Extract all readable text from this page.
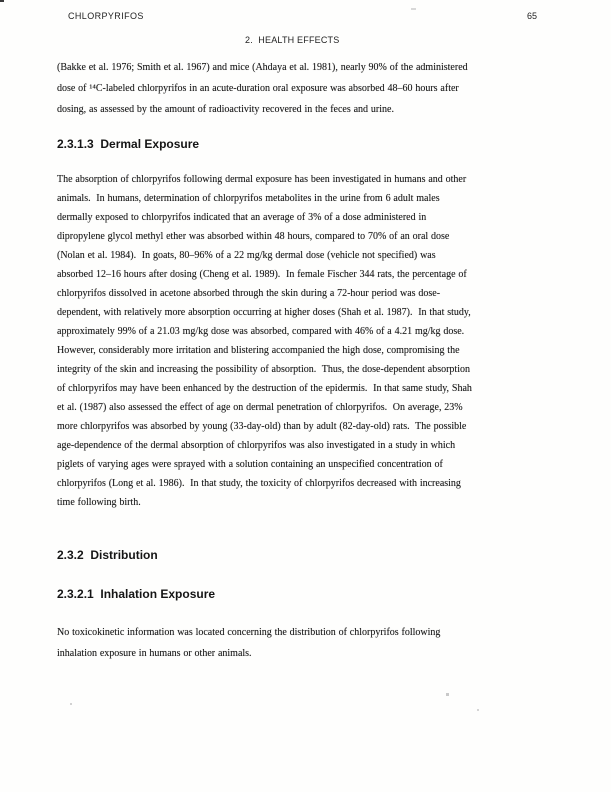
CHLORPYRIFOS	65
2.  HEALTH EFFECTS
(Bakke et al. 1976; Smith et al. 1967) and mice (Ahdaya et al. 1981), nearly 90% of the administered
dose of ¹⁴C-labeled chlorpyrifos in an acute-duration oral exposure was absorbed 48–60 hours after
dosing, as assessed by the amount of radioactivity recovered in the feces and urine.
2.3.1.3  Dermal Exposure
The absorption of chlorpyrifos following dermal exposure has been investigated in humans and other
animals.  In humans, determination of chlorpyrifos metabolites in the urine from 6 adult males
dermally exposed to chlorpyrifos indicated that an average of 3% of a dose administered in
dipropylene glycol methyl ether was absorbed within 48 hours, compared to 70% of an oral dose
(Nolan et al. 1984).  In goats, 80–96% of a 22 mg/kg dermal dose (vehicle not specified) was
absorbed 12–16 hours after dosing (Cheng et al. 1989).  In female Fischer 344 rats, the percentage of
chlorpyrifos dissolved in acetone absorbed through the skin during a 72-hour period was dose-
dependent, with relatively more absorption occurring at higher doses (Shah et al. 1987).  In that study,
approximately 99% of a 21.03 mg/kg dose was absorbed, compared with 46% of a 4.21 mg/kg dose.
However, considerably more irritation and blistering accompanied the high dose, compromising the
integrity of the skin and increasing the possibility of absorption.  Thus, the dose-dependent absorption
of chlorpyrifos may have been enhanced by the destruction of the epidermis.  In that same study, Shah
et al. (1987) also assessed the effect of age on dermal penetration of chlorpyrifos.  On average, 23%
more chlorpyrifos was absorbed by young (33-day-old) than by adult (82-day-old) rats.  The possible
age-dependence of the dermal absorption of chlorpyrifos was also investigated in a study in which
piglets of varying ages were sprayed with a solution containing an unspecified concentration of
chlorpyrifos (Long et al. 1986).  In that study, the toxicity of chlorpyrifos decreased with increasing
time following birth.
2.3.2  Distribution
2.3.2.1  Inhalation Exposure
No toxicokinetic information was located concerning the distribution of chlorpyrifos following
inhalation exposure in humans or other animals.
